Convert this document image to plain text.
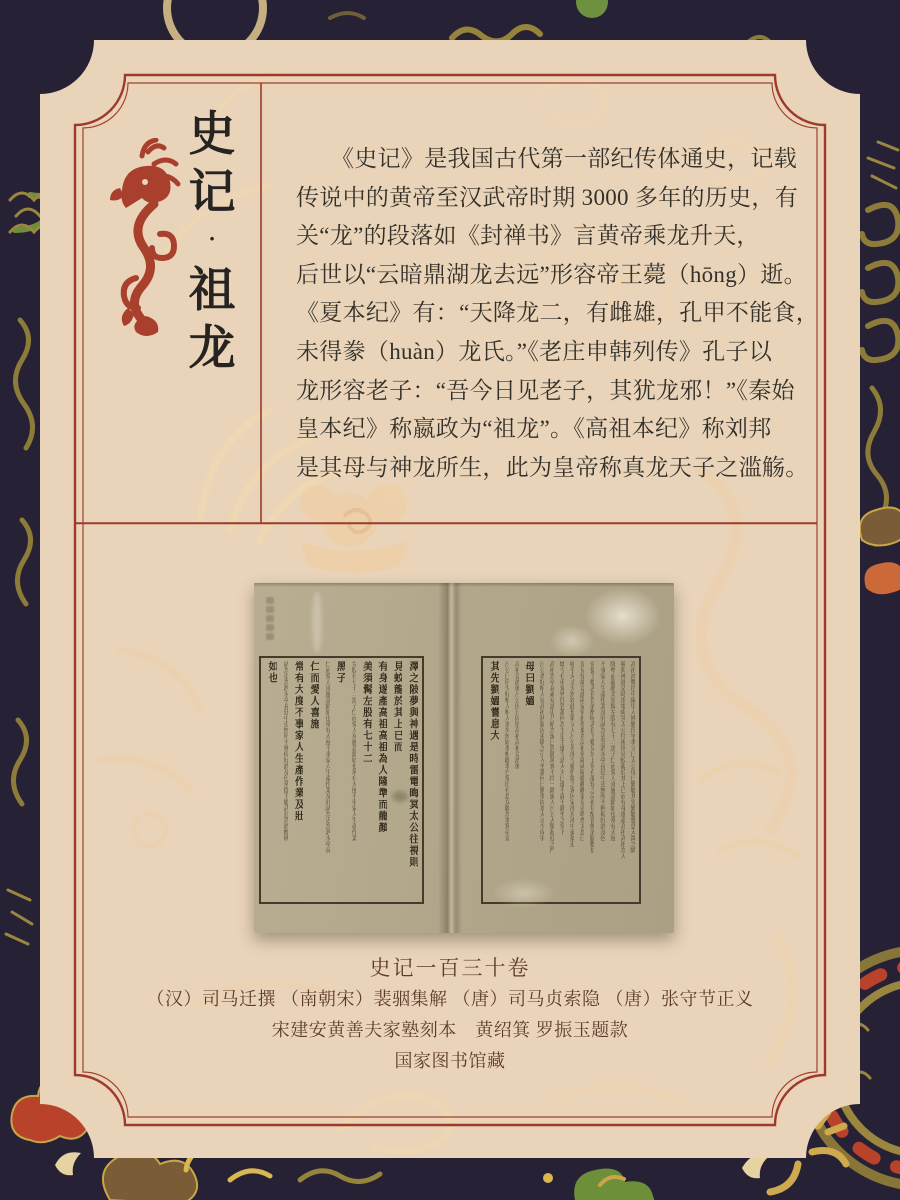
史
记
·
祖
龙

《史记》是我国古代第一部纪传体通史，记载

传说中的黄帝至汉武帝时期 3000 多年的历史，有

关“龙”的段落如《封禅书》言黄帝乘龙升天，

后世以“云暗鼎湖龙去远”形容帝王薨（hōng）逝。

《夏本纪》有：“天降龙二，有雌雄，孔甲不能食，

未得豢（huàn）龙氏。”《老庄申韩列传》孔子以

龙形容老子：“吾今日见老子，其犹龙邪！”《秦始

皇本纪》称嬴政为“祖龙”。《高祖本纪》称刘邦

是其母与神龙所生，此为皇帝称真龙天子之滥觞。

澤之陂夢與神遇是時雷電晦冥太公往視則
見蛟龍於其上已而
有身遂產高祖高祖為人隆準而龍顏
美須髯左股有七十二
左股有七十二黑子仁而愛人喜施意豁如也常有大度不事家人生產作業
黑子
仁而愛人喜施意豁如也常有大度不事家人生產作業及壯試為吏為泗水亭長
仁而愛人喜施
常有大度不事家人生產作業及壯
試為吏為泗水亭長廷中吏無所不狎侮好酒及色常從王媼武負貰酒醉臥
如也	高祖沛豐邑中陽里人姓劉氏字季父曰太公母曰劉媼其先劉媼嘗息大澤之陂
夢與神遇是時雷電晦冥太公往視則見蛟龍於其上已而有身遂產高祖高祖為人
隆準而龍顏美須髯左股有七十二黑子仁而愛人喜施意豁如也常有大度
不事家人生產作業及壯試為吏為泗水亭長廷中吏無所不狎侮好酒及色
常從王媼武負貰酒醉臥武負王媼見其上常有龍怪之高祖每酤留飲酒讎數倍
及見怪歲竟此兩家常折券棄責高祖常繇咸陽縱觀觀秦皇帝喟然太息曰
嗟乎大丈夫當如此也單父人呂公善沛令避仇從之客因家沛焉沛中豪桀吏
聞令有重客皆往賀蕭何為主吏主進令諸大夫曰進不滿千錢坐之堂下
高祖為亭長素易諸吏乃紿為謁曰賀錢萬實不持一錢謁入呂公大驚起迎之門
呂公者好相人見高祖狀貌因重敬之引入坐蕭何曰劉季固多大言少成事
母曰劉媼
高祖竟酒後呂公因目固留高祖高祖竟酒後
呂公曰臣少好相人相人多矣無如季相願季自愛臣有息女願為季箕帚妾
其先劉媼嘗息大

史记一百三十卷

（汉）司马迁撰 （南朝宋）裴骃集解 （唐）司马贞索隐 （唐）张守节正义

宋建安黄善夫家塾刻本　黄绍箕 罗振玉题款

国家图书馆藏
